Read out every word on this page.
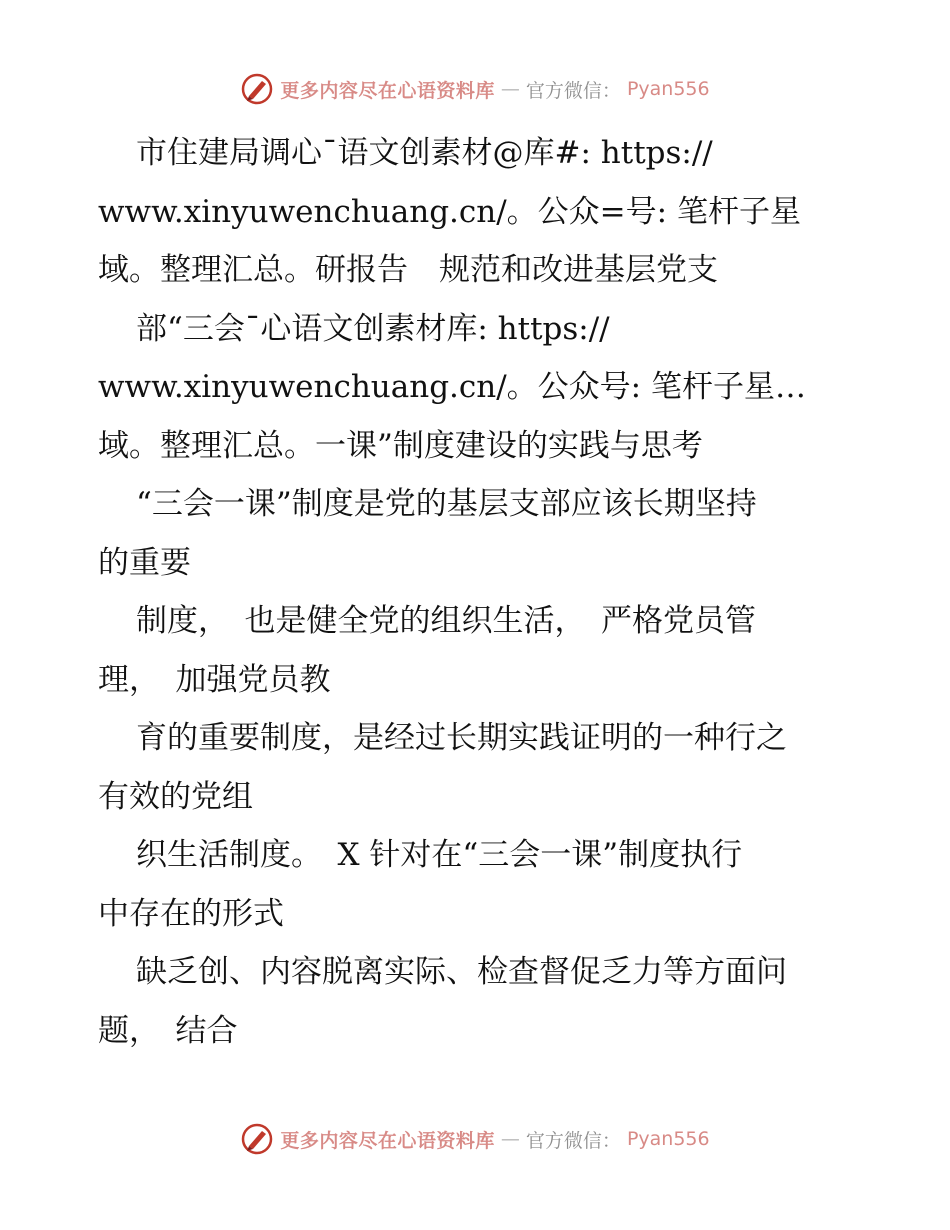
更多内容尽在心语资料库 — 官方微信： Pyan556
市住建局调心¯语文创素材@库#: https://
www.xinyuwenchuang.cn/。公众=号: 笔杆子星
域。整理汇总。研报告　规范和改进基层党支
部“三会¯心语文创素材库: https://
www.xinyuwenchuang.cn/。公众号: 笔杆子星…
域。整理汇总。一课”制度建设的实践与思考
“三会一课”制度是党的基层支部应该长期坚持
的重要
制度，　也是健全党的组织生活，　严格党员管
理，　加强党员教
育的重要制度，是经过长期实践证明的一种行之
有效的党组
织生活制度。　X 针对在“三会一课”制度执行
中存在的形式
缺乏创、内容脱离实际、检查督促乏力等方面问
题，　结合
更多内容尽在心语资料库 — 官方微信： Pyan556
